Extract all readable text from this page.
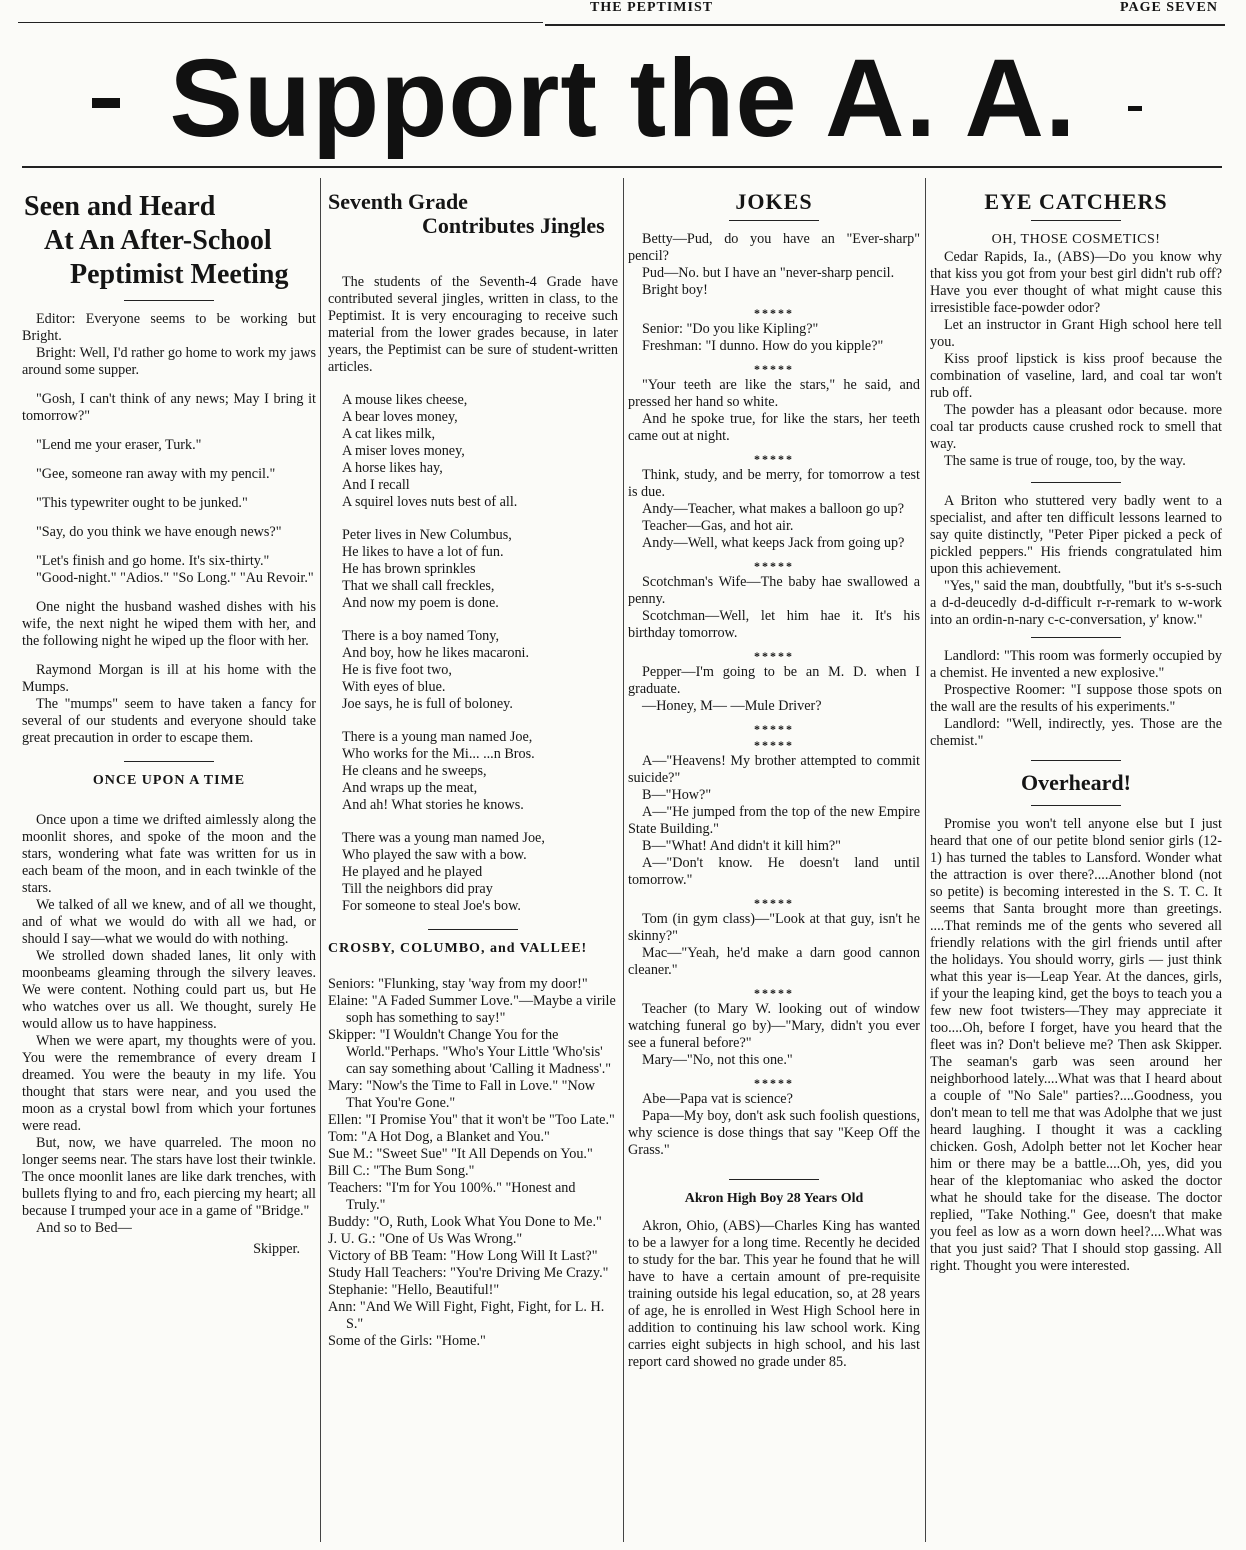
THE PEPTIMIST	PAGE SEVEN
Support the A. A.
Seen and Heard
At An After-School
Peptimist Meeting

Editor: Everyone seems to be working but Bright.

Bright: Well, I'd rather go home to work my jaws around some supper.

"Gosh, I can't think of any news; May I bring it tomorrow?"

"Lend me your eraser, Turk."

"Gee, someone ran away with my pencil."

"This typewriter ought to be junked."

"Say, do you think we have enough news?"

"Let's finish and go home. It's six-thirty."

"Good-night." "Adios." "So Long." "Au Revoir."

One night the husband washed dishes with his wife, the next night he wiped them with her, and the following night he wiped up the floor with her.

Raymond Morgan is ill at his home with the Mumps.

The "mumps" seem to have taken a fancy for several of our students and everyone should take great precaution in order to escape them.

ONCE UPON A TIME

Once upon a time we drifted aimlessly along the moonlit shores, and spoke of the moon and the stars, wondering what fate was written for us in each beam of the moon, and in each twinkle of the stars.

We talked of all we knew, and of all we thought, and of what we would do with all we had, or should I say—what we would do with nothing.

We strolled down shaded lanes, lit only with moonbeams gleaming through the silvery leaves. We were content. Nothing could part us, but He who watches over us all. We thought, surely He would allow us to have happiness.

When we were apart, my thoughts were of you. You were the remembrance of every dream I dreamed. You were the beauty in my life. You thought that stars were near, and you used the moon as a crystal bowl from which your fortunes were read.

But, now, we have quarreled. The moon no longer seems near. The stars have lost their twinkle. The once moonlit lanes are like dark trenches, with bullets flying to and fro, each piercing my heart; all because I trumped your ace in a game of "Bridge."

And so to Bed—

Skipper.
Seventh Grade
Contributes Jingles

The students of the Seventh-4 Grade have contributed several jingles, written in class, to the Peptimist. It is very encouraging to receive such material from the lower grades because, in later years, the Peptimist can be sure of student-written articles.

A mouse likes cheese,

A bear loves money,

A cat likes milk,

A miser loves money,

A horse likes hay,

And I recall

A squirel loves nuts best of all.

Peter lives in New Columbus,

He likes to have a lot of fun.

He has brown sprinkles

That we shall call freckles,

And now my poem is done.

There is a boy named Tony,

And boy, how he likes macaroni.

He is five foot two,

With eyes of blue.

Joe says, he is full of boloney.

There is a young man named Joe,

Who works for the Mi... ...n Bros.

He cleans and he sweeps,

And wraps up the meat,

And ah! What stories he knows.

There was a young man named Joe,

Who played the saw with a bow.

He played and he played

Till the neighbors did pray

For someone to steal Joe's bow.

CROSBY, COLUMBO, and VALLEE!

Seniors: "Flunking, stay 'way from my door!"

Elaine: "A Faded Summer Love."—Maybe a virile soph has something to say!"

Skipper: "I Wouldn't Change You for the World."Perhaps. "Who's Your Little 'Who'sis' can say something about 'Calling it Madness'."

Mary: "Now's the Time to Fall in Love." "Now That You're Gone."

Ellen: "I Promise You" that it won't be "Too Late."

Tom: "A Hot Dog, a Blanket and You."

Sue M.: "Sweet Sue" "It All Depends on You."

Bill C.: "The Bum Song."

Teachers: "I'm for You 100%." "Honest and Truly."

Buddy: "O, Ruth, Look What You Done to Me."

J. U. G.: "One of Us Was Wrong."

Victory of BB Team: "How Long Will It Last?"

Study Hall Teachers: "You're Driving Me Crazy."

Stephanie: "Hello, Beautiful!"

Ann: "And We Will Fight, Fight, Fight, for L. H. S."

Some of the Girls: "Home."

JOKES

Betty—Pud, do you have an "Ever-sharp" pencil?

Pud—No. but I have an "never-sharp pencil.

Bright boy!

*****

Senior: "Do you like Kipling?"

Freshman: "I dunno. How do you kipple?"

*****

"Your teeth are like the stars," he said, and pressed her hand so white.

And he spoke true, for like the stars, her teeth came out at night.

*****

Think, study, and be merry, for tomorrow a test is due.

Andy—Teacher, what makes a balloon go up?

Teacher—Gas, and hot air.

Andy—Well, what keeps Jack from going up?

*****

Scotchman's Wife—The baby hae swallowed a penny.

Scotchman—Well, let him hae it. It's his birthday tomorrow.

*****

Pepper—I'm going to be an M. D. when I graduate.

—Honey, M— —Mule Driver?

*****
*****

A—"Heavens! My brother attempted to commit suicide?"

B—"How?"

A—"He jumped from the top of the new Empire State Building."

B—"What! And didn't it kill him?"

A—"Don't know. He doesn't land until tomorrow."

*****

Tom (in gym class)—"Look at that guy, isn't he skinny?"

Mac—"Yeah, he'd make a darn good cannon cleaner."

*****

Teacher (to Mary W. looking out of window watching funeral go by)—"Mary, didn't you ever see a funeral before?"

Mary—"No, not this one."

*****

Abe—Papa vat is science?

Papa—My boy, don't ask such foolish questions, why science is dose things that say "Keep Off the Grass."

Akron High Boy 28 Years Old

Akron, Ohio, (ABS)—Charles King has wanted to be a lawyer for a long time. Recently he decided to study for the bar. This year he found that he will have to have a certain amount of pre-requisite training outside his legal education, so, at 28 years of age, he is enrolled in West High School here in addition to continuing his law school work. King carries eight subjects in high school, and his last report card showed no grade under 85.

EYE CATCHERS
OH, THOSE COSMETICS!

Cedar Rapids, Ia., (ABS)—Do you know why that kiss you got from your best girl didn't rub off? Have you ever thought of what might cause this irresistible face-powder odor?

Let an instructor in Grant High school here tell you.

Kiss proof lipstick is kiss proof because the combination of vaseline, lard, and coal tar won't rub off.

The powder has a pleasant odor because. more coal tar products cause crushed rock to smell that way.

The same is true of rouge, too, by the way.

A Briton who stuttered very badly went to a specialist, and after ten difficult lessons learned to say quite distinctly, "Peter Piper picked a peck of pickled peppers." His friends congratulated him upon this achievement.

"Yes," said the man, doubtfully, "but it's s-s-such a d-d-deucedly d-d-difficult r-r-remark to w-work into an ordin-n-nary c-c-conversation, y' know."

Landlord: "This room was formerly occupied by a chemist. He invented a new explosive."

Prospective Roomer: "I suppose those spots on the wall are the results of his experiments."

Landlord: "Well, indirectly, yes. Those are the chemist."

Overheard!

Promise you won't tell anyone else but I just heard that one of our petite blond senior girls (12-1) has turned the tables to Lansford. Wonder what the attraction is over there?....Another blond (not so petite) is becoming interested in the S. T. C. It seems that Santa brought more than greetings. ....That reminds me of the gents who severed all friendly relations with the girl friends until after the holidays. You should worry, girls — just think what this year is—Leap Year. At the dances, girls, if your the leaping kind, get the boys to teach you a few new foot twisters—They may appreciate it too....Oh, before I forget, have you heard that the fleet was in? Don't believe me? Then ask Skipper. The seaman's garb was seen around her neighborhood lately....What was that I heard about a couple of "No Sale" parties?....Goodness, you don't mean to tell me that was Adolphe that we just heard laughing. I thought it was a cackling chicken. Gosh, Adolph better not let Kocher hear him or there may be a battle....Oh, yes, did you hear of the kleptomaniac who asked the doctor what he should take for the disease. The doctor replied, "Take Nothing." Gee, doesn't that make you feel as low as a worn down heel?....What was that you just said? That I should stop gassing. All right. Thought you were interested.
